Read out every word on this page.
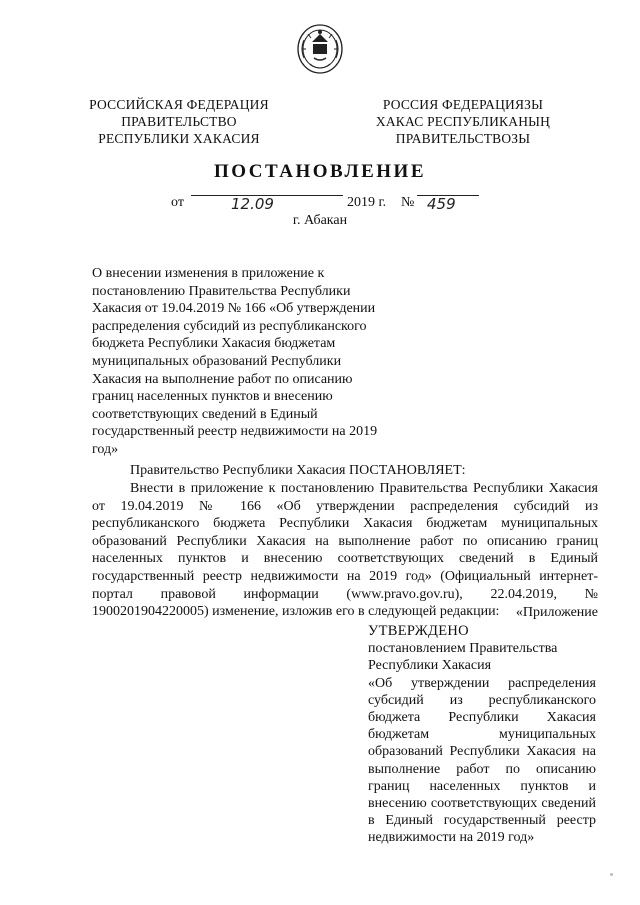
РОССИЙСКАЯ ФЕДЕРАЦИЯ
ПРАВИТЕЛЬСТВО
РЕСПУБЛИКИ ХАКАСИЯ
РОССИЯ ФЕДЕРАЦИЯЗЫ
ХАКАС РЕСПУБЛИКАНЫҢ
ПРАВИТЕЛЬСТВОЗЫ
ПОСТАНОВЛЕНИЕ
от	12.09	2019 г. № 459
г. Абакан
О внесении изменения в приложение к
постановлению Правительства Республики
Хакасия от 19.04.2019 № 166 «Об утверждении
распределения субсидий из республиканского
бюджета Республики Хакасия бюджетам
муниципальных образований Республики
Хакасия на выполнение работ по описанию
границ населенных пунктов и внесению
соответствующих сведений в Единый
государственный реестр недвижимости на 2019
год»
Правительство Республики Хакасия ПОСТАНОВЛЯЕТ:
Внести в приложение к постановлению Правительства Республики Хакасия
от 19.04.2019 № 166 «Об утверждении распределения субсидий из
республиканского бюджета Республики Хакасия бюджетам муниципальных
образований Республики Хакасия на выполнение работ по описанию границ
населенных пунктов и внесению соответствующих сведений в Единый
государственный реестр недвижимости на 2019 год» (Официальный интернет-
портал правовой информации (www.pravo.gov.ru), 22.04.2019, №
1900201904220005) изменение, изложив его в следующей редакции:	«Приложение
УТВЕРЖДЕНО
постановлением Правительства
Республики Хакасия
«Об утверждении распределения
субсидий из республиканского
бюджета Республики Хакасия
бюджетам муниципальных
образований Республики Хакасия на
выполнение работ по описанию
границ населенных пунктов и
внесению соответствующих сведений
в Единый государственный реестр
недвижимости на 2019 год»
